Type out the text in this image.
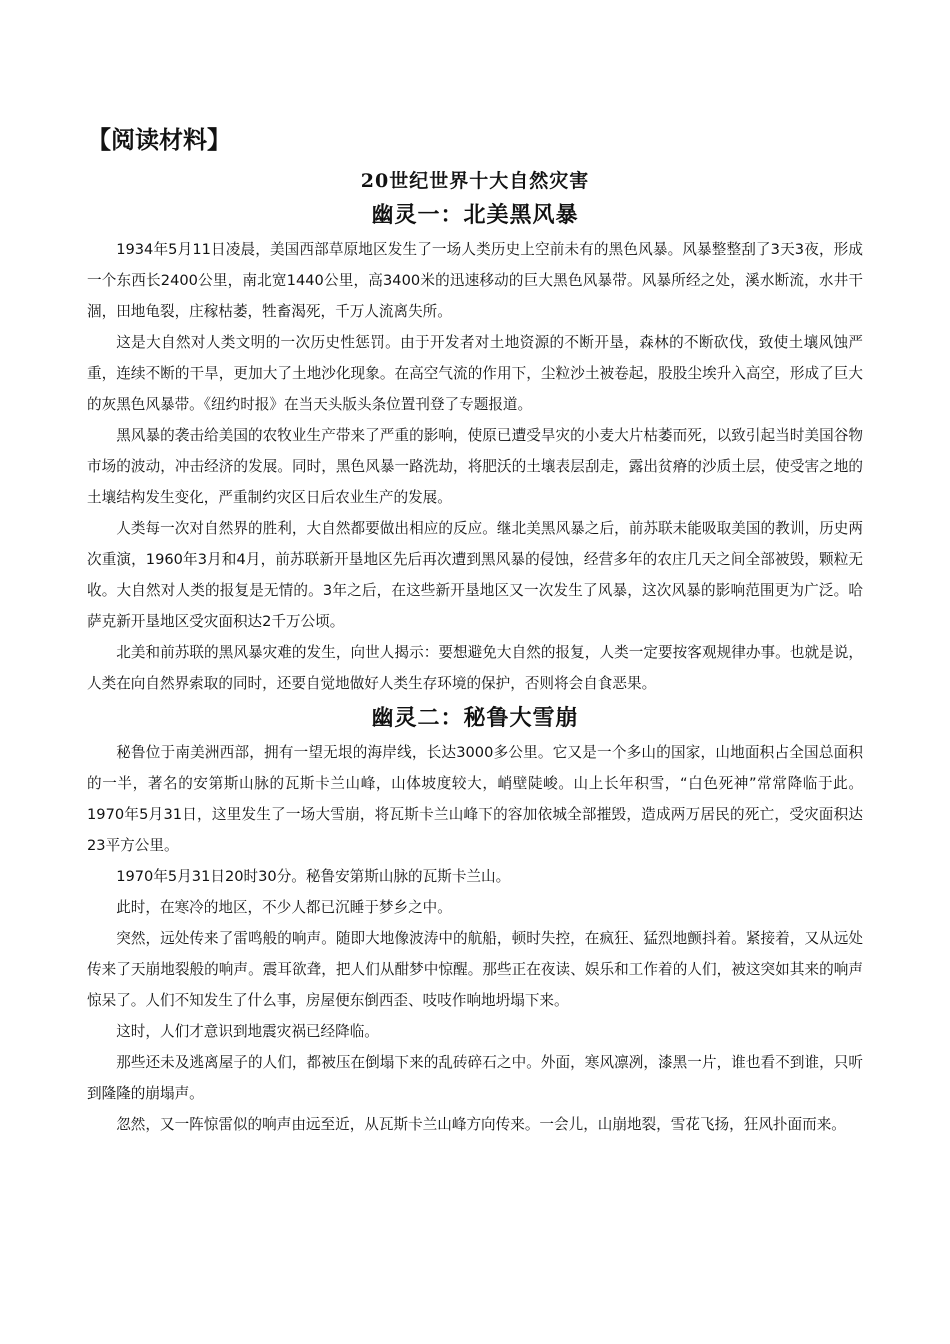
【阅读材料】
20世纪世界十大自然灾害
幽灵一：北美黑风暴

1934年5月11日凌晨，美国西部草原地区发生了一场人类历史上空前未有的黑色风暴。风暴整整刮了3天3夜，形成一个东西长2400公里，南北宽1440公里，高3400米的迅速移动的巨大黑色风暴带。风暴所经之处，溪水断流，水井干涸，田地龟裂，庄稼枯萎，牲畜渴死，千万人流离失所。

这是大自然对人类文明的一次历史性惩罚。由于开发者对土地资源的不断开垦，森林的不断砍伐，致使土壤风蚀严重，连续不断的干旱，更加大了土地沙化现象。在高空气流的作用下，尘粒沙土被卷起，股股尘埃升入高空，形成了巨大的灰黑色风暴带。《纽约时报》在当天头版头条位置刊登了专题报道。

黑风暴的袭击给美国的农牧业生产带来了严重的影响，使原已遭受旱灾的小麦大片枯萎而死，以致引起当时美国谷物市场的波动，冲击经济的发展。同时，黑色风暴一路洗劫，将肥沃的土壤表层刮走，露出贫瘠的沙质土层，使受害之地的土壤结构发生变化，严重制约灾区日后农业生产的发展。

人类每一次对自然界的胜利，大自然都要做出相应的反应。继北美黑风暴之后，前苏联未能吸取美国的教训，历史两次重演，1960年3月和4月，前苏联新开垦地区先后再次遭到黑风暴的侵蚀，经营多年的农庄几天之间全部被毁，颗粒无收。大自然对人类的报复是无情的。3年之后，在这些新开垦地区又一次发生了风暴，这次风暴的影响范围更为广泛。哈萨克新开垦地区受灾面积达2千万公顷。

北美和前苏联的黑风暴灾难的发生，向世人揭示：要想避免大自然的报复，人类一定要按客观规律办事。也就是说，人类在向自然界索取的同时，还要自觉地做好人类生存环境的保护，否则将会自食恶果。

幽灵二：秘鲁大雪崩

秘鲁位于南美洲西部，拥有一望无垠的海岸线，长达3000多公里。它又是一个多山的国家，山地面积占全国总面积的一半，著名的安第斯山脉的瓦斯卡兰山峰，山体坡度较大，峭壁陡峻。山上长年积雪，“白色死神”常常降临于此。1970年5月31日，这里发生了一场大雪崩，将瓦斯卡兰山峰下的容加依城全部摧毁，造成两万居民的死亡，受灾面积达23平方公里。

1970年5月31日20时30分。秘鲁安第斯山脉的瓦斯卡兰山。

此时，在寒冷的地区，不少人都已沉睡于梦乡之中。

突然，远处传来了雷鸣般的响声。随即大地像波涛中的航船，顿时失控，在疯狂、猛烈地颤抖着。紧接着，又从远处传来了天崩地裂般的响声。震耳欲聋，把人们从酣梦中惊醒。那些正在夜读、娱乐和工作着的人们，被这突如其来的响声惊呆了。人们不知发生了什么事，房屋便东倒西歪、吱吱作响地坍塌下来。

这时，人们才意识到地震灾祸已经降临。

那些还未及逃离屋子的人们，都被压在倒塌下来的乱砖碎石之中。外面，寒风凛冽，漆黑一片，谁也看不到谁，只听到隆隆的崩塌声。

忽然，又一阵惊雷似的响声由远至近，从瓦斯卡兰山峰方向传来。一会儿，山崩地裂，雪花飞扬，狂风扑面而来。
